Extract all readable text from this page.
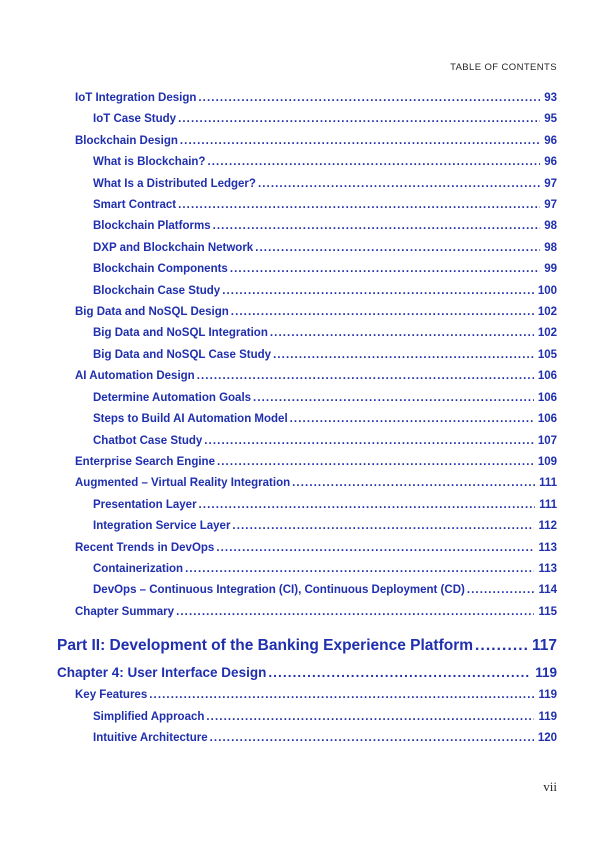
TABLE OF CONTENTS
IoT Integration Design .....	93
IoT Case Study .....	95
Blockchain Design .....	96
What is Blockchain? .....	96
What Is a Distributed Ledger? .....	97
Smart Contract .....	97
Blockchain Platforms .....	98
DXP and Blockchain Network .....	98
Blockchain Components .....	99
Blockchain Case Study .....	100
Big Data and NoSQL Design .....	102
Big Data and NoSQL Integration .....	102
Big Data and NoSQL Case Study .....	105
AI Automation Design .....	106
Determine Automation Goals .....	106
Steps to Build AI Automation Model .....	106
Chatbot Case Study .....	107
Enterprise Search Engine .....	109
Augmented – Virtual Reality Integration .....	111
Presentation Layer .....	111
Integration Service Layer .....	112
Recent Trends in DevOps .....	113
Containerization .....	113
DevOps – Continuous Integration (CI), Continuous Deployment (CD) .....	114
Chapter Summary .....	115
Part II: Development of the Banking Experience Platform .....	117
Chapter 4: User Interface Design .....	119
Key Features .....	119
Simplified Approach .....	119
Intuitive Architecture .....	120
vii
